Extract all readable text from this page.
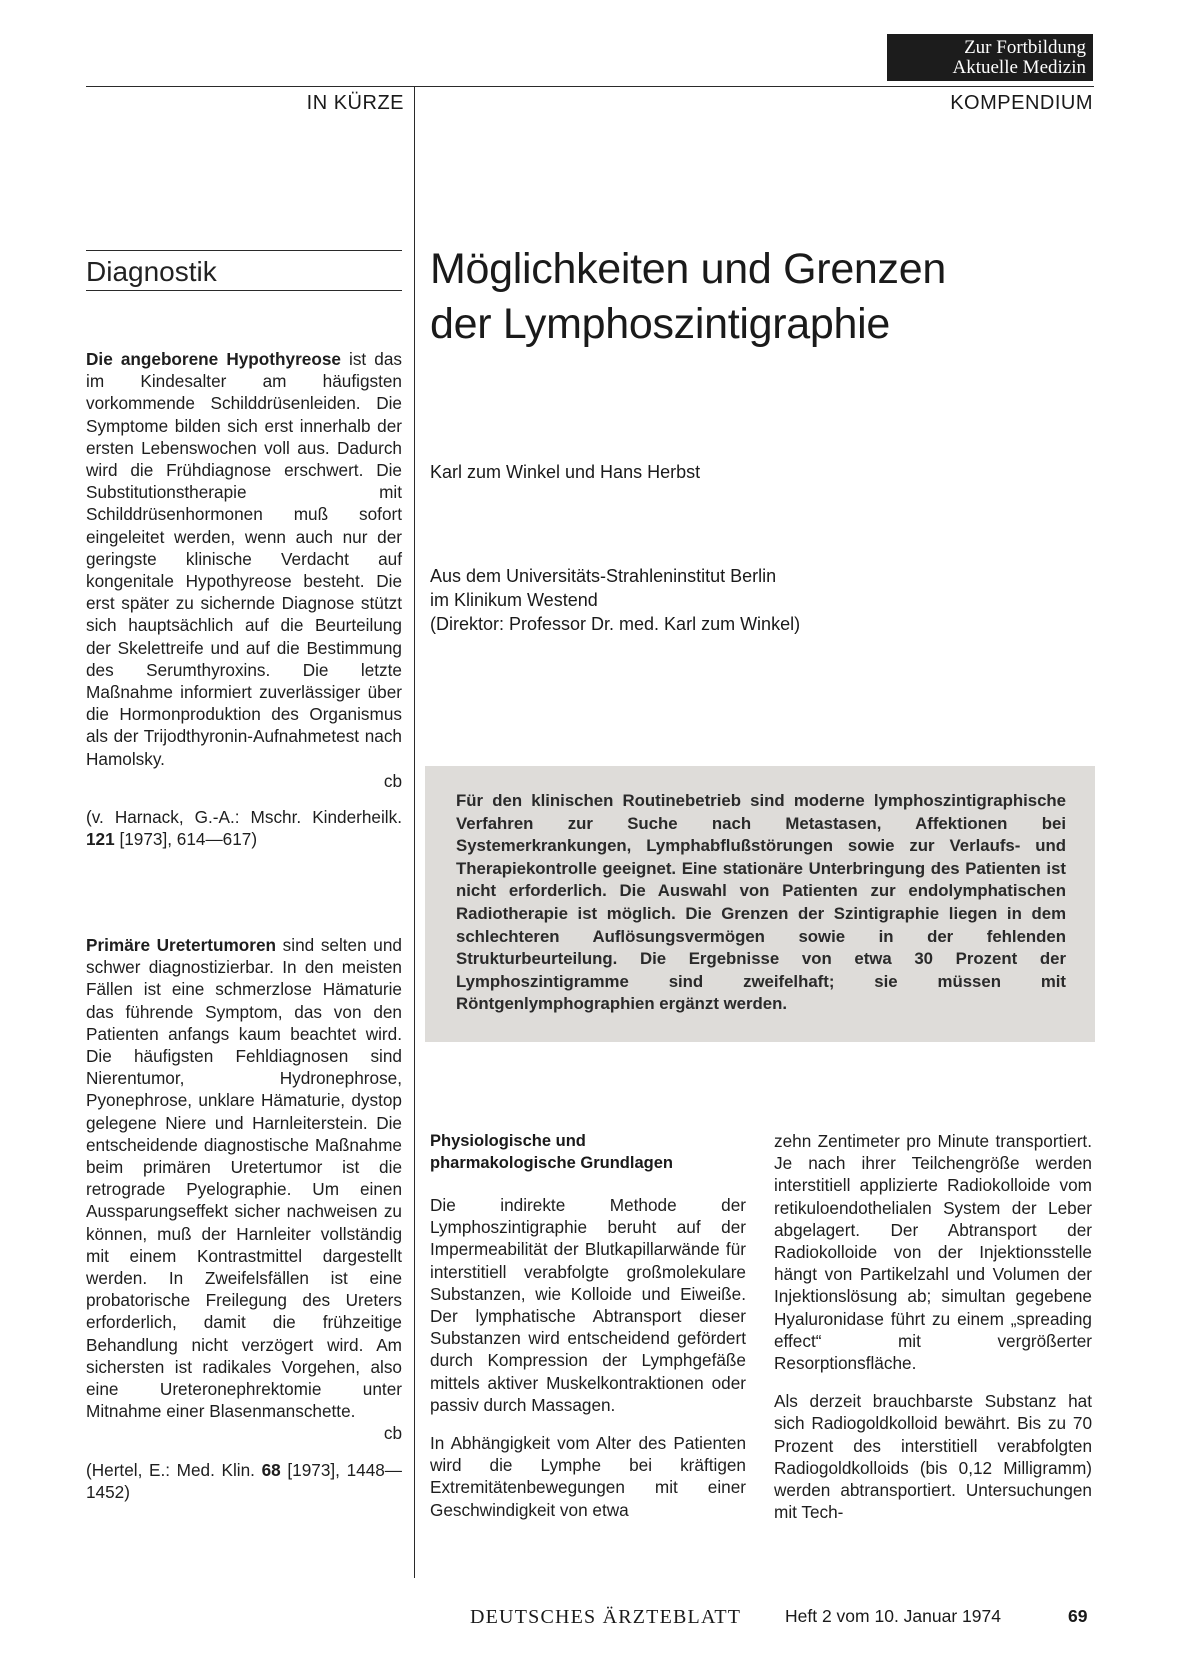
Zur Fortbildung
Aktuelle Medizin
IN KÜRZE	KOMPENDIUM
Diagnostik

Die angeborene Hypothyreose ist das im Kindesalter am häufigsten vorkommende Schilddrüsenleiden. Die Symptome bilden sich erst innerhalb der ersten Lebenswochen voll aus. Dadurch wird die Frühdiagnose erschwert. Die Substitutionstherapie mit Schilddrüsenhormonen muß sofort eingeleitet werden, wenn auch nur der geringste klinische Verdacht auf kongenitale Hypothyreose besteht. Die erst später zu sichernde Diagnose stützt sich hauptsächlich auf die Beurteilung der Skelettreife und auf die Bestimmung des Serumthyroxins. Die letzte Maßnahme informiert zuverlässiger über die Hormonproduktion des Organismus als der Trijodthyronin-Aufnahmetest nach Hamolsky.

cb
(v. Harnack, G.-A.: Mschr. Kinderheilk. 121 [1973], 614—617)

Primäre Uretertumoren sind selten und schwer diagnostizierbar. In den meisten Fällen ist eine schmerzlose Hämaturie das führende Symptom, das von den Patienten anfangs kaum beachtet wird. Die häufigsten Fehldiagnosen sind Nierentumor, Hydronephrose, Pyonephrose, unklare Hämaturie, dystop gelegene Niere und Harnleiterstein. Die entscheidende diagnostische Maßnahme beim primären Uretertumor ist die retrograde Pyelographie. Um einen Aussparungseffekt sicher nachweisen zu können, muß der Harnleiter vollständig mit einem Kontrastmittel dargestellt werden. In Zweifelsfällen ist eine probatorische Freilegung des Ureters erforderlich, damit die frühzeitige Behandlung nicht verzögert wird. Am sichersten ist radikales Vorgehen, also eine Ureteronephrektomie unter Mitnahme einer Blasenmanschette.

cb
(Hertel, E.: Med. Klin. 68 [1973], 1448—1452)
Möglichkeiten und Grenzen
der Lymphoszintigraphie
Karl zum Winkel und Hans Herbst
Aus dem Universitäts-Strahleninstitut Berlin
im Klinikum Westend
(Direktor: Professor Dr. med. Karl zum Winkel)
Für den klinischen Routinebetrieb sind moderne lymphoszintigraphische Verfahren zur Suche nach Metastasen, Affektionen bei Systemerkrankungen, Lymphabflußstörungen sowie zur Verlaufs- und Therapiekontrolle geeignet. Eine stationäre Unterbringung des Patienten ist nicht erforderlich. Die Auswahl von Patienten zur endolymphatischen Radiotherapie ist möglich. Die Grenzen der Szintigraphie liegen in dem schlechteren Auflösungsvermögen sowie in der fehlenden Strukturbeurteilung. Die Ergebnisse von etwa 30 Prozent der Lymphoszintigramme sind zweifelhaft; sie müssen mit Röntgenlymphographien ergänzt werden.
Physiologische und
pharmakologische Grundlagen

Die indirekte Methode der Lymphoszintigraphie beruht auf der Impermeabilität der Blutkapillarwände für interstitiell verabfolgte großmolekulare Substanzen, wie Kolloide und Eiweiße. Der lymphatische Abtransport dieser Substanzen wird entscheidend gefördert durch Kompression der Lymphgefäße mittels aktiver Muskelkontraktionen oder passiv durch Massagen.

In Abhängigkeit vom Alter des Patienten wird die Lymphe bei kräftigen Extremitätenbewegungen mit einer Geschwindigkeit von etwa

zehn Zentimeter pro Minute transportiert. Je nach ihrer Teilchengröße werden interstitiell applizierte Radiokolloide vom retikuloendothelialen System der Leber abgelagert. Der Abtransport der Radiokolloide von der Injektionsstelle hängt von Partikelzahl und Volumen der Injektionslösung ab; simultan gegebene Hyaluronidase führt zu einem „spreading effect“ mit vergrößerter Resorptionsfläche.

Als derzeit brauchbarste Substanz hat sich Radiogoldkolloid bewährt. Bis zu 70 Prozent des interstitiell verabfolgten Radiogoldkolloids (bis 0,12 Milligramm) werden abtransportiert. Untersuchungen mit Tech-

DEUTSCHES ÄRZTEBLATT	Heft 2 vom 10. Januar 1974	69
